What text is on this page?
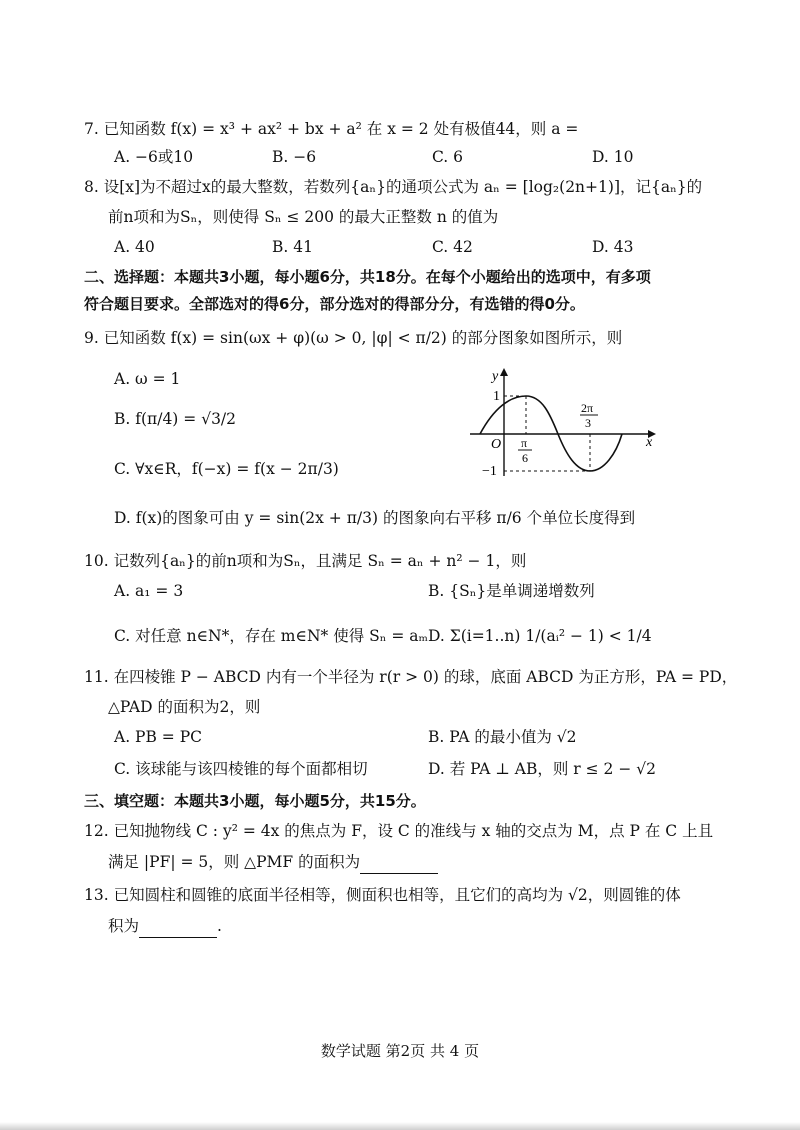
7. 已知函数 f(x) = x³ + ax² + bx + a² 在 x = 2 处有极值44，则 a =
A. −6或10	B. −6	C. 6	D. 10
8. 设[x]为不超过x的最大整数，若数列{aₙ}的通项公式为 aₙ = [log₂(2n+1)]，记{aₙ}的
前n项和为Sₙ，则使得 Sₙ ≤ 200 的最大正整数 n 的值为
A. 40	B. 41	C. 42	D. 43
二、选择题：本题共3小题，每小题6分，共18分。在每个小题给出的选项中，有多项
符合题目要求。全部选对的得6分，部分选对的得部分分，有选错的得0分。
9. 已知函数 f(x) = sin(ωx + φ)(ω > 0, |φ| < π/2) 的部分图象如图所示，则
A. ω = 1
B. f(π/4) = √3/2
C. ∀x∈R，f(−x) = f(x − 2π/3)
D. f(x)的图象可由 y = sin(2x + π/3) 的图象向右平移 π/6 个单位长度得到
y
x
O
1
−1
π
6
2π
3
10. 记数列{aₙ}的前n项和为Sₙ，且满足 Sₙ = aₙ + n² − 1，则
A. a₁ = 3	B. {Sₙ}是单调递增数列
C. 对任意 n∈N*，存在 m∈N* 使得 Sₙ = aₘ D. Σ(i=1..n) 1/(aᵢ² − 1) < 1/4
11. 在四棱锥 P − ABCD 内有一个半径为 r(r > 0) 的球，底面 ABCD 为正方形，PA = PD，
△PAD 的面积为2，则
A. PB = PC	B. PA 的最小值为 √2
C. 该球能与该四棱锥的每个面都相切	D. 若 PA ⊥ AB，则 r ≤ 2 − √2
三、填空题：本题共3小题，每小题5分，共15分。
12. 已知抛物线 C : y² = 4x 的焦点为 F，设 C 的准线与 x 轴的交点为 M，点 P 在 C 上且
满足 |PF| = 5，则 △PMF 的面积为
13. 已知圆柱和圆锥的底面半径相等，侧面积也相等，且它们的高均为 √2，则圆锥的体
积为	.
数学试题 第2页 共 4 页
